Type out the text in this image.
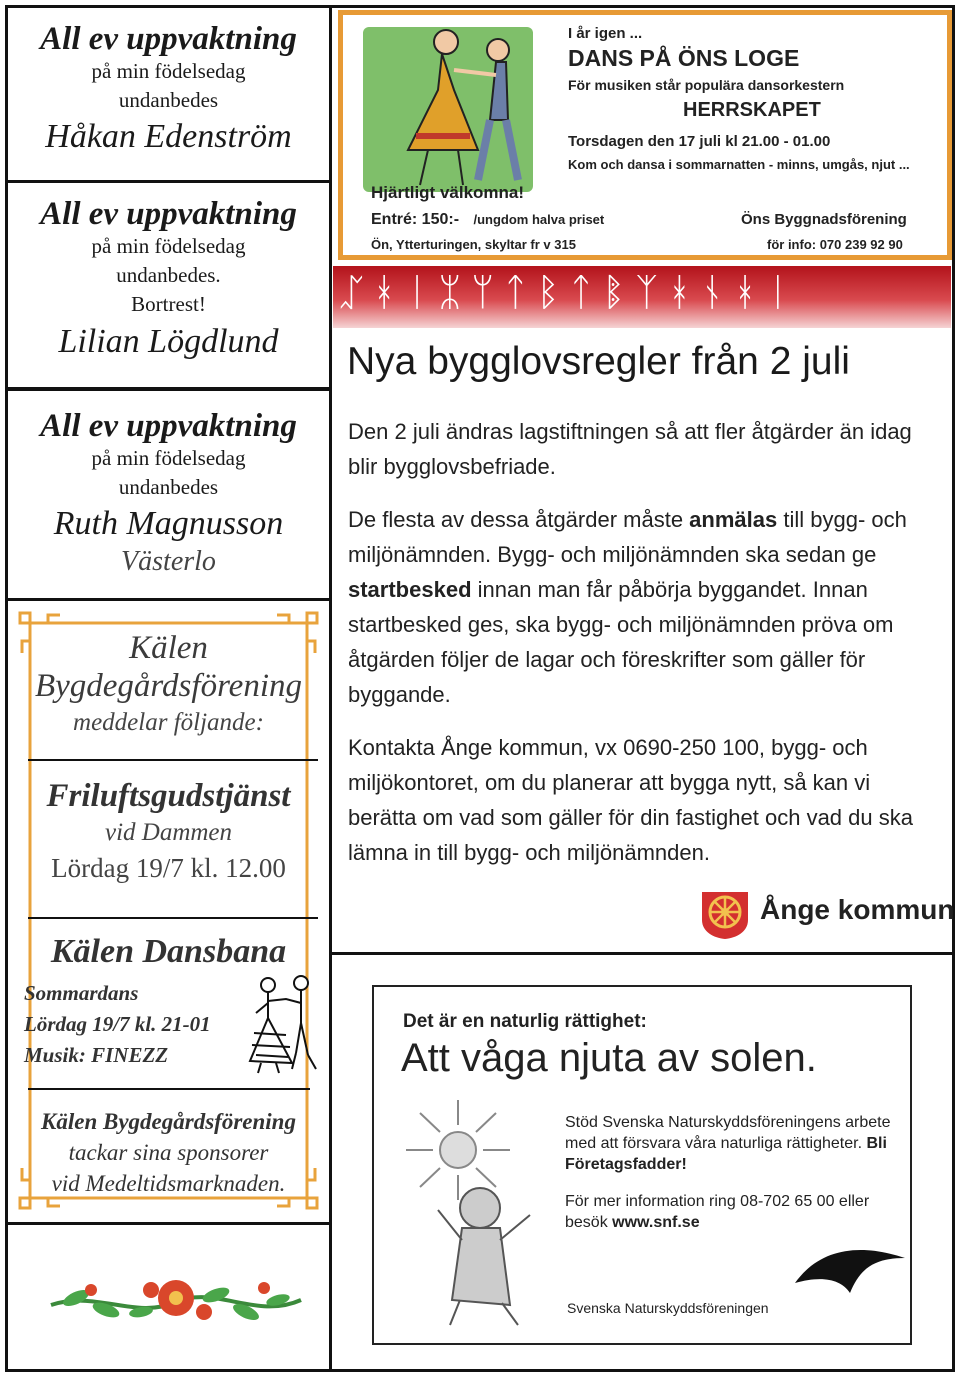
All ev uppvaktning
på min födelsedag
undanbedes
Håkan Edenström
All ev uppvaktning
på min födelsedag
undanbedes.
Bortrest!
Lilian Lögdlund
All ev uppvaktning
på min födelsedag
undanbedes
Ruth Magnusson
Västerlo
Kälen
Bygdegårdsförening
meddelar följande:
Friluftsgudstjänst
vid Dammen
Lördag 19/7 kl. 12.00
Kälen Dansbana
Sommardans
Lördag 19/7 kl. 21-01
Musik: FINEZZ
Kälen Bygdegårdsförening
tackar sina sponsorer
vid Medeltidsmarknaden.
I år igen ...
DANS PÅ ÖNS LOGE
För musiken står populära dansorkestern
HERRSKAPET
Torsdagen den 17 juli kl 21.00 - 01.00
Kom och dansa i sommarnatten - minns, umgås, njut ...
Hjärtligt välkomna!
Entré: 150:- /ungdom halva priset
Ön, Ytterturingen, skyltar fr v 315
Öns Byggnadsförening
för info: 070 239 92 90
ᛢᚼᛁᛯᛘᛏᛒᛏᛔᛉᚼᚾᚼᛁ
Nya bygglovsregler från 2 juli

Den 2 juli ändras lagstiftningen så att fler åtgärder än idag blir bygglovsbefriade.

De flesta av dessa åtgärder måste anmälas till bygg- och miljönämnden. Bygg- och miljönämnden ska sedan ge startbesked innan man får påbörja byggandet. Innan startbesked ges, ska bygg- och miljönämnden pröva om åtgärden följer de lagar och föreskrifter som gäller för byggande.

Kontakta Ånge kommun, vx 0690-250 100, bygg- och miljökontoret, om du planerar att bygga nytt, så kan vi berätta om vad som gäller för din fastighet och vad du ska lämna in till bygg- och miljönämnden.

Ånge kommun
Det är en naturlig rättighet:
Att våga njuta av solen.
Stöd Svenska Naturskyddsföreningens arbete med att försvara våra naturliga rättigheter. Bli Företagsfadder!
För mer information ring 08-702 65 00 eller besök www.snf.se
Svenska Naturskyddsföreningen
